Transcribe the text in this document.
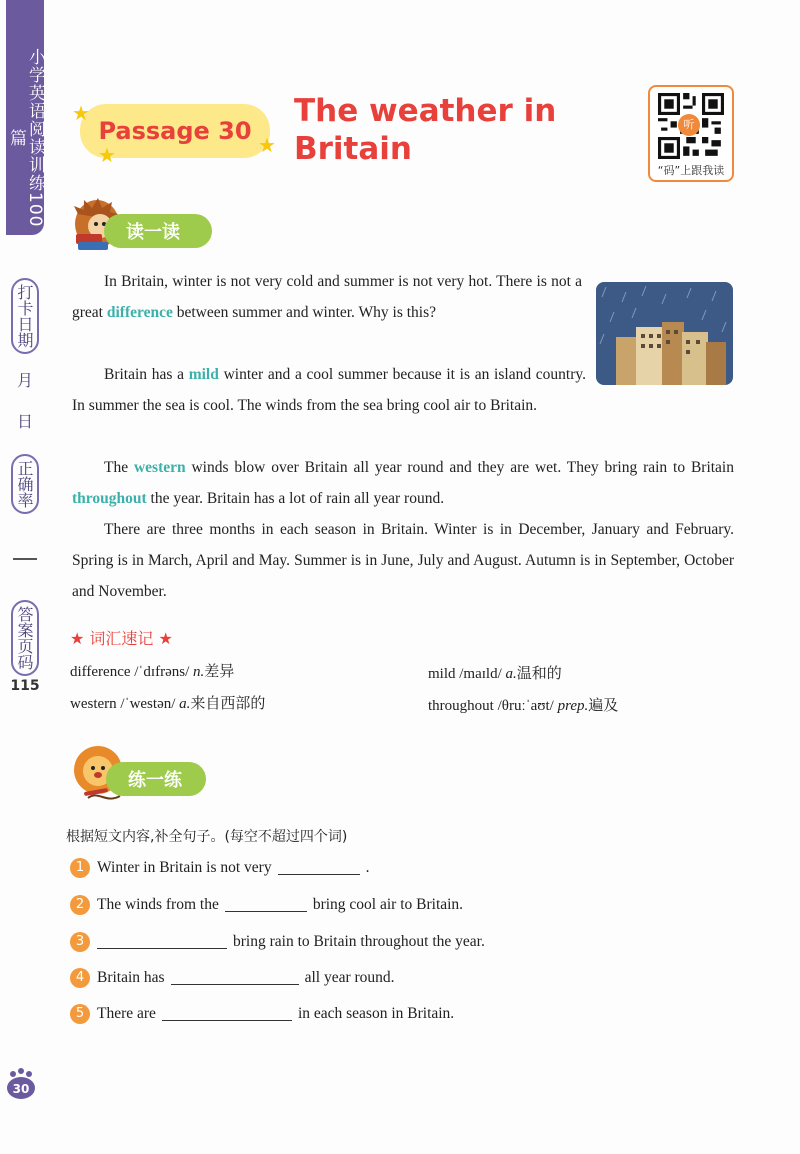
小学英语阅读训练100篇
打卡日期
月
日
正确率
答案页码
115
Passage 30
★
★	★
The weather in
Britain
听
“码”上跟我读
读一读
In Britain, winter is not very cold and summer is not very hot. There is not a great difference between summer and winter. Why is this?
Britain has a mild winter and a cool summer because it is an island country. In summer the sea is cool. The winds from the sea bring cool air to Britain.
The western winds blow over Britain all year round and they are wet. They bring rain to Britain throughout the year. Britain has a lot of rain all year round.
There are three months in each season in Britain. Winter is in December, January and February. Spring is in March, April and May. Summer is in June, July and August. Autumn is in September, October and November.
★ 词汇速记 ★
difference /ˈdɪfrəns/ n.差异	mild /maɪld/ a.温和的
western /ˈwestən/ a.来自西部的	throughout /θruːˈaʊt/ prep.遍及
练一练
根据短文内容,补全句子。(每空不超过四个词)
1 Winter in Britain is not very	.
2 The winds from the	bring cool air to Britain.
3	bring rain to Britain throughout the year.
4 Britain has	all year round.
5 There are	in each season in Britain.
30
